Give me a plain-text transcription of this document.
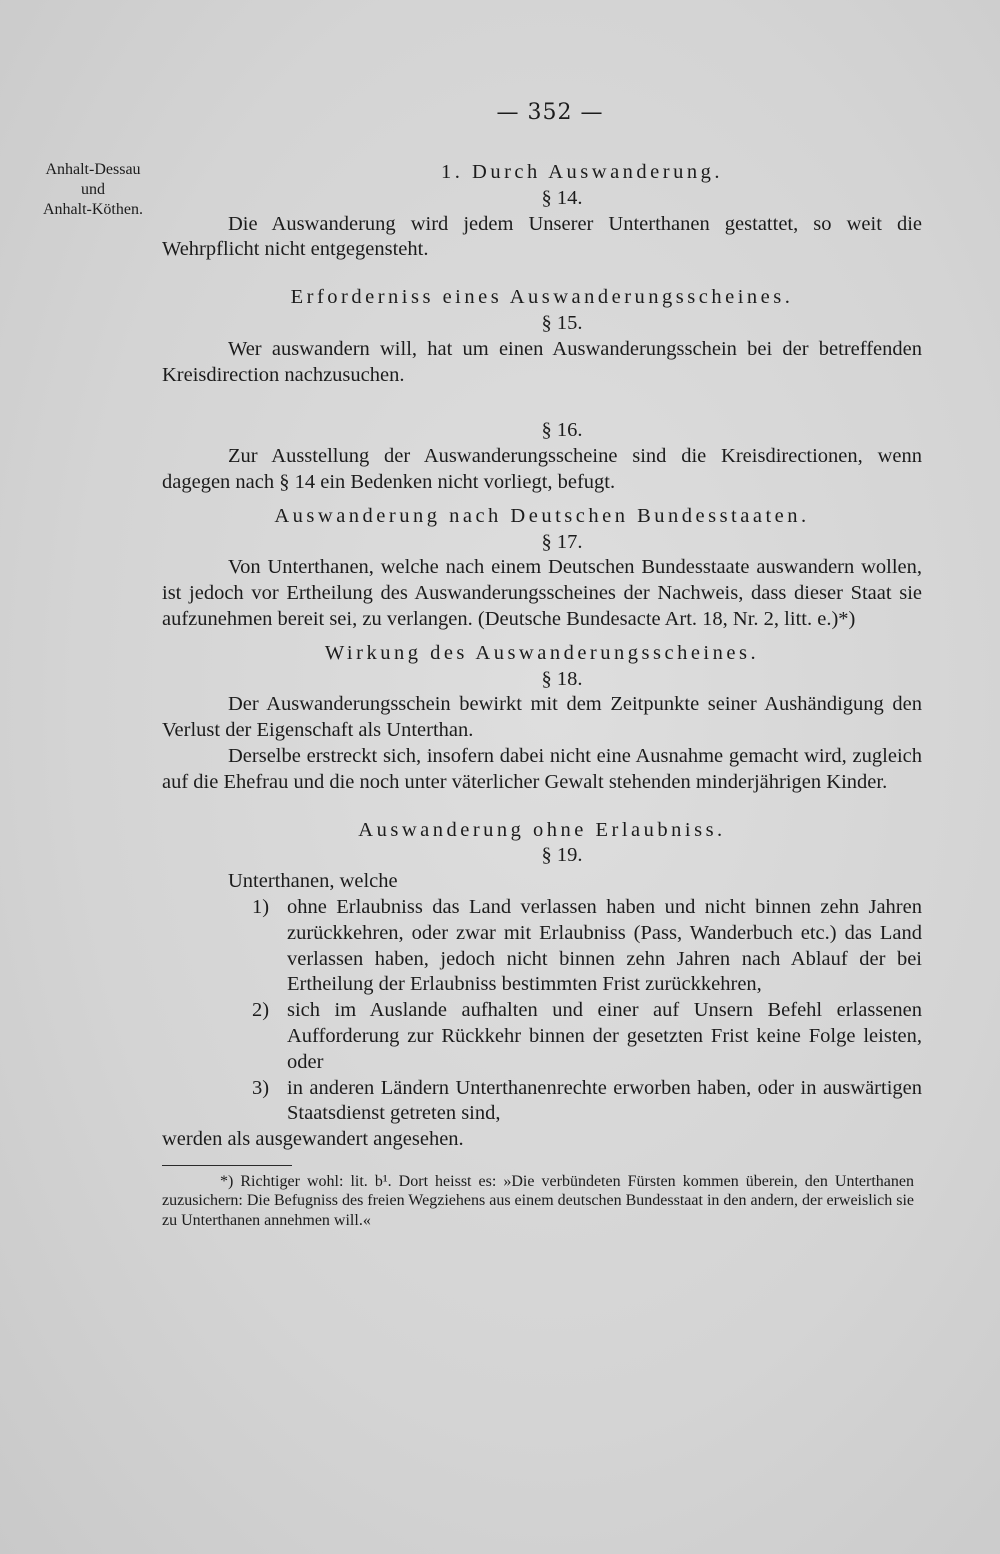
— 352 —
Anhalt-Dessau
und
Anhalt-Köthen.
1. Durch Auswanderung.
§ 14.

Die Auswanderung wird jedem Unserer Unterthanen gestattet, so weit die Wehrpflicht nicht entgegensteht.

Erforderniss eines Auswanderungsscheines.
§ 15.

Wer auswandern will, hat um einen Auswanderungsschein bei der betreffenden Kreisdirection nachzusuchen.

§ 16.

Zur Ausstellung der Auswanderungsscheine sind die Kreisdirectionen, wenn dagegen nach § 14 ein Bedenken nicht vorliegt, befugt.

Auswanderung nach Deutschen Bundesstaaten.
§ 17.

Von Unterthanen, welche nach einem Deutschen Bundesstaate auswandern wollen, ist jedoch vor Ertheilung des Auswanderungsscheines der Nachweis, dass dieser Staat sie aufzunehmen bereit sei, zu verlangen. (Deutsche Bundesacte Art. 18, Nr. 2, litt. e.)*)

Wirkung des Auswanderungsscheines.
§ 18.

Der Auswanderungsschein bewirkt mit dem Zeitpunkte seiner Aushändigung den Verlust der Eigenschaft als Unterthan.

Derselbe erstreckt sich, insofern dabei nicht eine Ausnahme gemacht wird, zugleich auf die Ehefrau und die noch unter väterlicher Gewalt stehenden minderjährigen Kinder.

Auswanderung ohne Erlaubniss.
§ 19.

Unterthanen, welche

1) ohne Erlaubniss das Land verlassen haben und nicht binnen zehn Jahren zurückkehren, oder zwar mit Erlaubniss (Pass, Wanderbuch etc.) das Land verlassen haben, jedoch nicht binnen zehn Jahren nach Ablauf der bei Ertheilung der Erlaubniss bestimmten Frist zurückkehren,
2) sich im Auslande aufhalten und einer auf Unsern Befehl erlassenen Aufforderung zur Rückkehr binnen der gesetzten Frist keine Folge leisten, oder
3) in anderen Ländern Unterthanenrechte erworben haben, oder in auswärtigen Staatsdienst getreten sind,

werden als ausgewandert angesehen.

*) Richtiger wohl: lit. b¹. Dort heisst es: »Die verbündeten Fürsten kommen überein, den Unterthanen zuzusichern: Die Befugniss des freien Wegziehens aus einem deutschen Bundesstaat in den andern, der erweislich sie zu Unterthanen annehmen will.«
